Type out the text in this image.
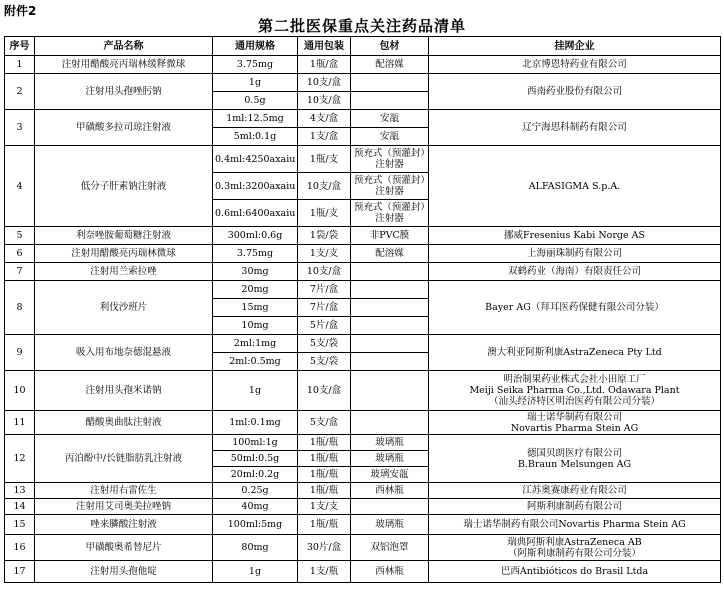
附件2
第二批医保重点关注药品清单
序号	产品名称	通用规格	通用包装	包材	挂网企业
1	注射用醋酸亮丙瑞林缓释微球	3.75mg	1瓶/盒	配溶媒	北京博恩特药业有限公司

2	注射用头孢唑肟钠	1g	10支/盒		西南药业股份有限公司

		0.5g	10支/盒		
3	甲磺酸多拉司琼注射液	1ml:12.5mg	4支/盒	安瓿	辽宁海思科制药有限公司

		5ml:0.1g	1支/盒	安瓿	
4	低分子肝素钠注射液	0.4ml:4250axaiu	1瓶/支	预充式（预灌封）注射器	ALFASIGMA S.p.A.

		0.3ml:3200axaiu	10支/盒	预充式（预灌封）注射器	
		0.6ml:6400axaiu	1瓶/支	预充式（预灌封）注射器	
5	利奈唑胺葡萄糖注射液	300ml:0.6g	1袋/袋	非PVC膜	挪威Fresenius Kabi Norge AS

6	注射用醋酸亮丙瑞林微球	3.75mg	1支/支	配溶媒	上海丽珠制药有限公司

7	注射用兰索拉唑	30mg	10支/盒		双鹤药业（海南）有限责任公司

8	利伐沙班片	20mg	7片/盒		Bayer AG（拜耳医药保健有限公司分装）

		15mg	7片/盒		
		10mg	5片/盒		
9	吸入用布地奈德混悬液	2ml:1mg	5支/袋		澳大利亚阿斯利康AstraZeneca Pty Ltd

		2ml:0.5mg	5支/袋		
10	注射用头孢米诺钠	1g	10支/盒		明治制果药业株式会社小田原工厂
Meiji Seika Pharma Co.,Ltd. Odawara Plant
（汕头经济特区明治医药有限公司分装）

11	醋酸奥曲肽注射液	1ml:0.1mg	5支/盒		瑞士诺华制药有限公司
Novartis Pharma Stein AG

12	丙泊酚中/长链脂肪乳注射液	100ml:1g	1瓶/瓶	玻璃瓶	德国贝朗医疗有限公司
B.Braun Melsungen AG

		50ml:0.5g	1瓶/瓶	玻璃瓶	
		20ml:0.2g	1瓶/瓶	玻璃安瓿	
13	注射用右雷佐生	0.25g	1瓶/瓶	西林瓶	江苏奥赛康药业有限公司

14	注射用艾司奥美拉唑钠	40mg	1支/支		阿斯利康制药有限公司

15	唑来膦酸注射液	100ml:5mg	1瓶/瓶	玻璃瓶	瑞士诺华制药有限公司Novartis Pharma Stein AG

16	甲磺酸奥希替尼片	80mg	30片/盒	双铝泡罩	瑞典阿斯利康AstraZeneca AB
（阿斯利康制药有限公司分装）

17	注射用头孢他啶	1g	1支/瓶	西林瓶	巴西Antibióticos do Brasil Ltda
